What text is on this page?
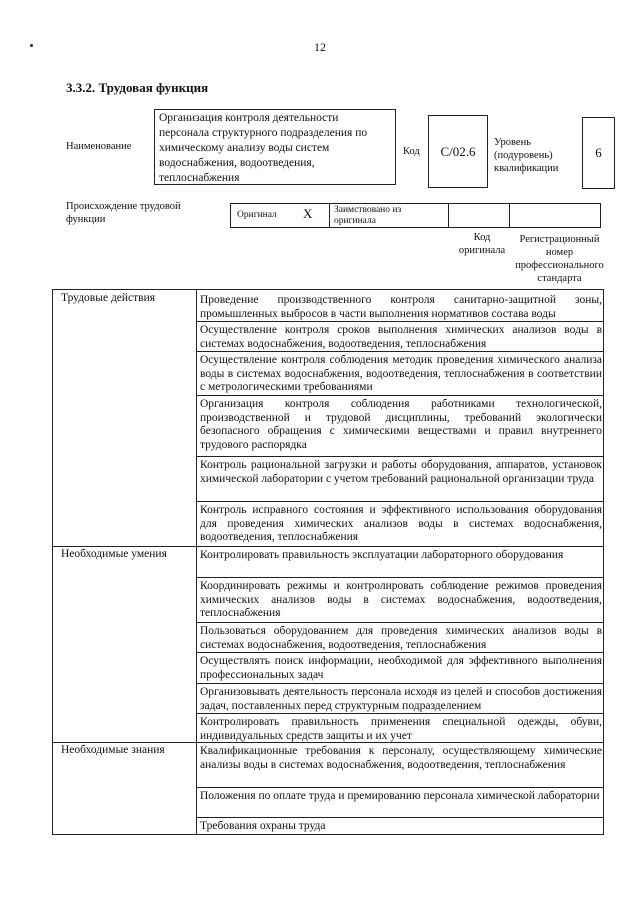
12
3.3.2. Трудовая функция
Наименование
Организация контроля деятельности персонала структурного подразделения по химическому анализу воды систем водоснабжения, водоотведения, теплоснабжения
Код C/02.6
Уровень (подуровень) квалификации
6
Происхождение трудовой функции	Оригинал X	Заимствовано из оригинала
Код оригинала
Регистрационный номер профессионального стандарта
Трудовые действия	Проведение производственного контроля санитарно-защитной зоны, промышленных выбросов в части выполнения нормативов состава воды
Осуществление контроля сроков выполнения химических анализов воды в системах водоснабжения, водоотведения, теплоснабжения
Осуществление контроля соблюдения методик проведения химического анализа воды в системах водоснабжения, водоотведения, теплоснабжения в соответствии с метрологическими требованиями
Организация контроля соблюдения работниками технологической, производственной и трудовой дисциплины, требований экологически безопасного обращения с химическими веществами и правил внутреннего трудового распорядка
Контроль рациональной загрузки и работы оборудования, аппаратов, установок химической лаборатории с учетом требований рациональной организации труда
Контроль исправного состояния и эффективного использования оборудования для проведения химических анализов воды в системах водоснабжения, водоотведения, теплоснабжения
Необходимые умения	Контролировать правильность эксплуатации лабораторного оборудования
Координировать режимы и контролировать соблюдение режимов проведения химических анализов воды в системах водоснабжения, водоотведения, теплоснабжения
Пользоваться оборудованием для проведения химических анализов воды в системах водоснабжения, водоотведения, теплоснабжения
Осуществлять поиск информации, необходимой для эффективного выполнения профессиональных задач
Организовывать деятельность персонала исходя из целей и способов достижения задач, поставленных перед структурным подразделением
Контролировать правильность применения специальной одежды, обуви, индивидуальных средств защиты и их учет
Необходимые знания	Квалификационные требования к персоналу, осуществляющему химические анализы воды в системах водоснабжения, водоотведения, теплоснабжения
Положения по оплате труда и премированию персонала химической лаборатории
Требования охраны труда
